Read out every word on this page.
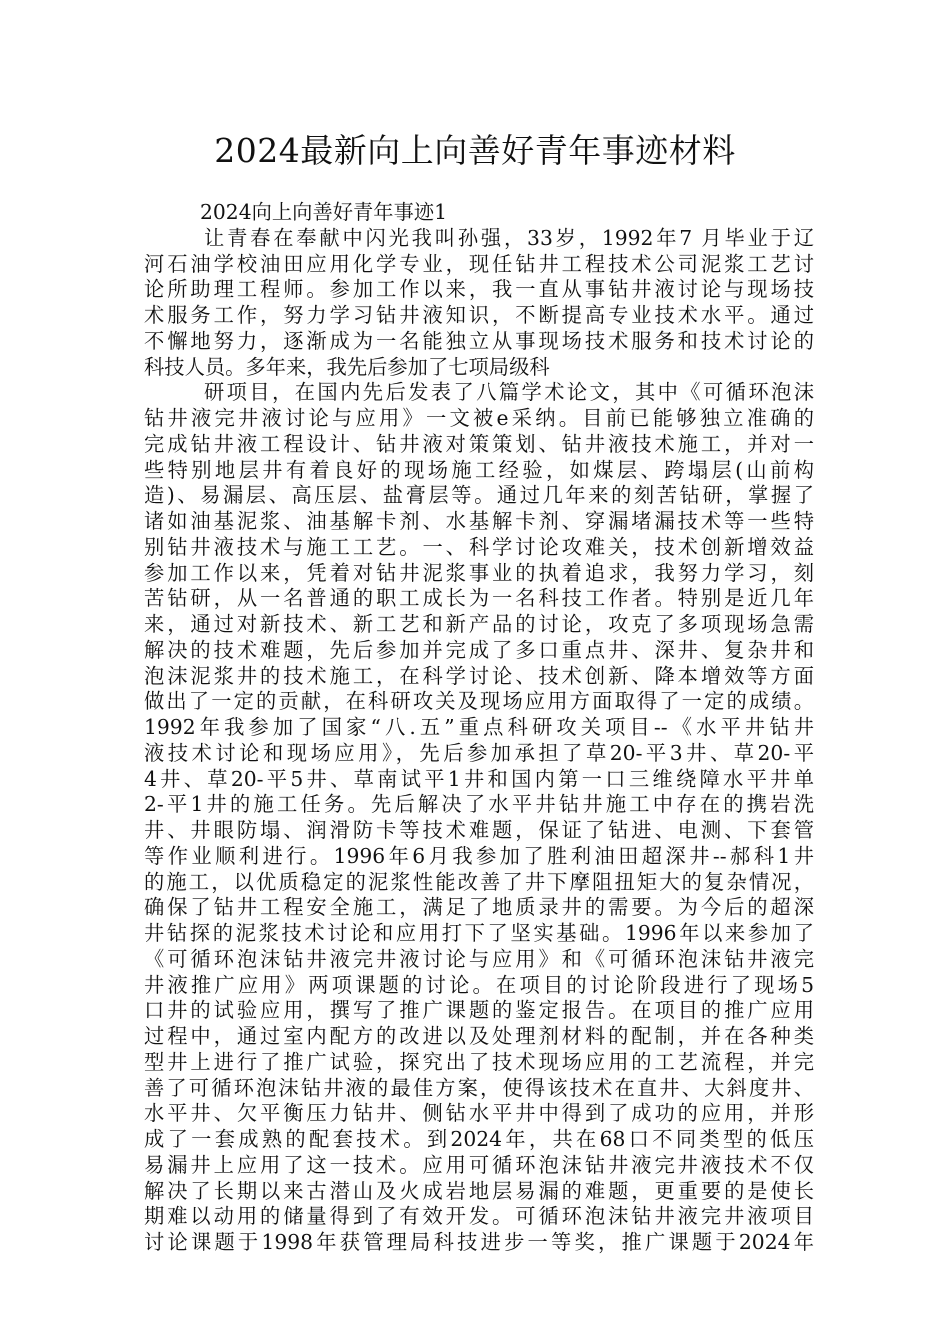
2024最新向上向善好青年事迹材料
2024向上向善好青年事迹1
让青春在奉献中闪光我叫孙强，33岁，1992年7 月毕业于辽
河石油学校油田应用化学专业，现任钻井工程技术公司泥浆工艺讨
论所助理工程师。参加工作以来，我一直从事钻井液讨论与现场技
术服务工作，努力学习钻井液知识，不断提高专业技术水平。通过
不懈地努力，逐渐成为一名能独立从事现场技术服务和技术讨论的
科技人员。多年来，我先后参加了七项局级科
研项目，在国内先后发表了八篇学术论文，其中《可循环泡沫
钻井液完井液讨论与应用》一文被e采纳。目前已能够独立准确的
完成钻井液工程设计、钻井液对策策划、钻井液技术施工，并对一
些特别地层井有着良好的现场施工经验，如煤层、跨塌层(山前构
造)、易漏层、高压层、盐膏层等。通过几年来的刻苦钻研，掌握了
诸如油基泥浆、油基解卡剂、水基解卡剂、穿漏堵漏技术等一些特
别钻井液技术与施工工艺。一、科学讨论攻难关，技术创新增效益
参加工作以来，凭着对钻井泥浆事业的执着追求，我努力学习，刻
苦钻研，从一名普通的职工成长为一名科技工作者。特别是近几年
来，通过对新技术、新工艺和新产品的讨论，攻克了多项现场急需
解决的技术难题，先后参加并完成了多口重点井、深井、复杂井和
泡沫泥浆井的技术施工，在科学讨论、技术创新、降本增效等方面
做出了一定的贡献，在科研攻关及现场应用方面取得了一定的成绩。
1992年我参加了国家“八.五”重点科研攻关项目--《水平井钻井
液技术讨论和现场应用》，先后参加承担了草20-平3井、草20-平
4井、草20-平5井、草南试平1井和国内第一口三维绕障水平井单
2-平1井的施工任务。先后解决了水平井钻井施工中存在的携岩洗
井、井眼防塌、润滑防卡等技术难题，保证了钻进、电测、下套管
等作业顺利进行。1996年6月我参加了胜利油田超深井--郝科1井
的施工，以优质稳定的泥浆性能改善了井下摩阻扭矩大的复杂情况，
确保了钻井工程安全施工，满足了地质录井的需要。为今后的超深
井钻探的泥浆技术讨论和应用打下了坚实基础。1996年以来参加了
《可循环泡沫钻井液完井液讨论与应用》和《可循环泡沫钻井液完
井液推广应用》两项课题的讨论。在项目的讨论阶段进行了现场5
口井的试验应用，撰写了推广课题的鉴定报告。在项目的推广应用
过程中，通过室内配方的改进以及处理剂材料的配制，并在各种类
型井上进行了推广试验，探究出了技术现场应用的工艺流程，并完
善了可循环泡沫钻井液的最佳方案，使得该技术在直井、大斜度井、
水平井、欠平衡压力钻井、侧钻水平井中得到了成功的应用，并形
成了一套成熟的配套技术。到2024年，共在68口不同类型的低压
易漏井上应用了这一技术。应用可循环泡沫钻井液完井液技术不仅
解决了长期以来古潜山及火成岩地层易漏的难题，更重要的是使长
期难以动用的储量得到了有效开发。可循环泡沫钻井液完井液项目
讨论课题于1998年获管理局科技进步一等奖，推广课题于2024年
